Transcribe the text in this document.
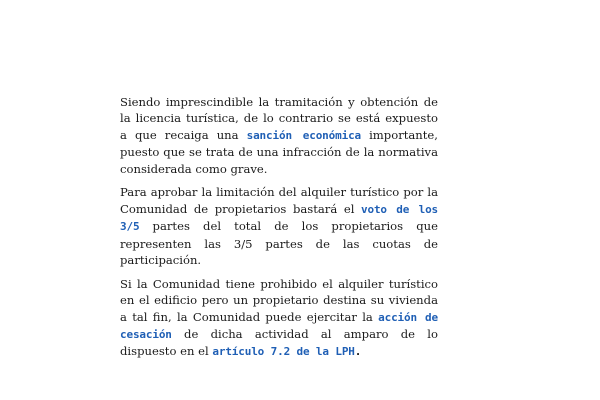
Siendo imprescindible la tramitación y obtención de la licencia turística, de lo contrario se está expuesto a que recaiga una sanción económica importante, puesto que se trata de una infracción de la normativa considerada como grave.

Para aprobar la limitación del alquiler turístico por la Comunidad de propietarios bastará el voto de los 3/5 partes del total de los propietarios que representen las 3/5 partes de las cuotas de participación.

Si la Comunidad tiene prohibido el alquiler turístico en el edificio pero un propietario destina su vivienda a tal fin, la Comunidad puede ejercitar la acción de cesación de dicha actividad al amparo de lo dispuesto en el artículo 7.2 de la LPH.
